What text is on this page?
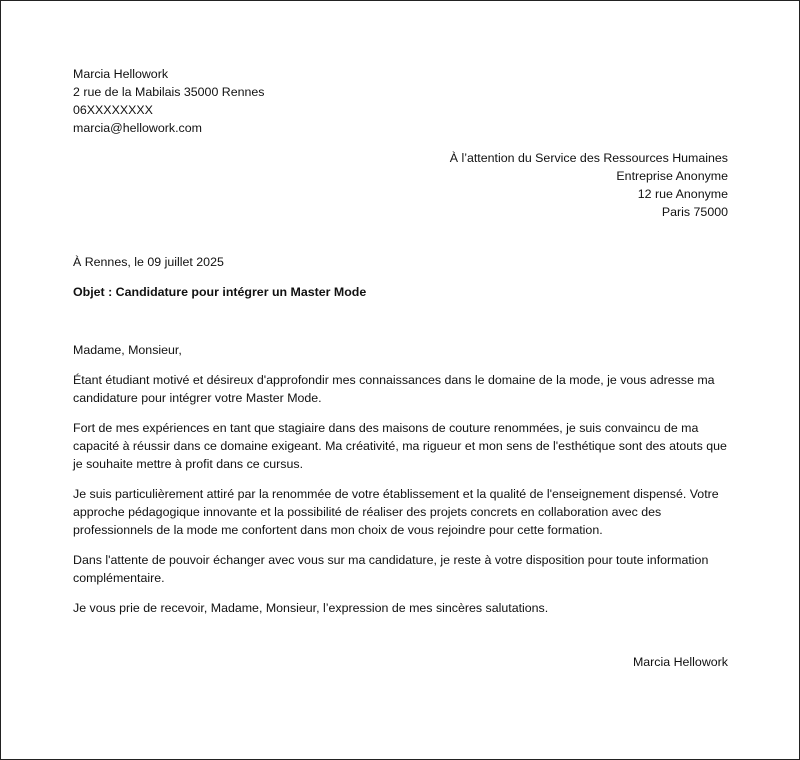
Marcia Hellowork
2 rue de la Mabilais 35000 Rennes
06XXXXXXXX
marcia@hellowork.com
À l’attention du Service des Ressources Humaines
Entreprise Anonyme
12 rue Anonyme
Paris 75000
À Rennes, le 09 juillet 2025
Objet : Candidature pour intégrer un Master Mode
Madame, Monsieur,

Étant étudiant motivé et désireux d'approfondir mes connaissances dans le domaine de la mode, je vous adresse ma candidature pour intégrer votre Master Mode.

Fort de mes expériences en tant que stagiaire dans des maisons de couture renommées, je suis convaincu de ma capacité à réussir dans ce domaine exigeant. Ma créativité, ma rigueur et mon sens de l'esthétique sont des atouts que je souhaite mettre à profit dans ce cursus.

Je suis particulièrement attiré par la renommée de votre établissement et la qualité de l'enseignement dispensé. Votre approche pédagogique innovante et la possibilité de réaliser des projets concrets en collaboration avec des professionnels de la mode me confortent dans mon choix de vous rejoindre pour cette formation.

Dans l'attente de pouvoir échanger avec vous sur ma candidature, je reste à votre disposition pour toute information complémentaire.

Je vous prie de recevoir, Madame, Monsieur, l’expression de mes sincères salutations.

Marcia Hellowork
